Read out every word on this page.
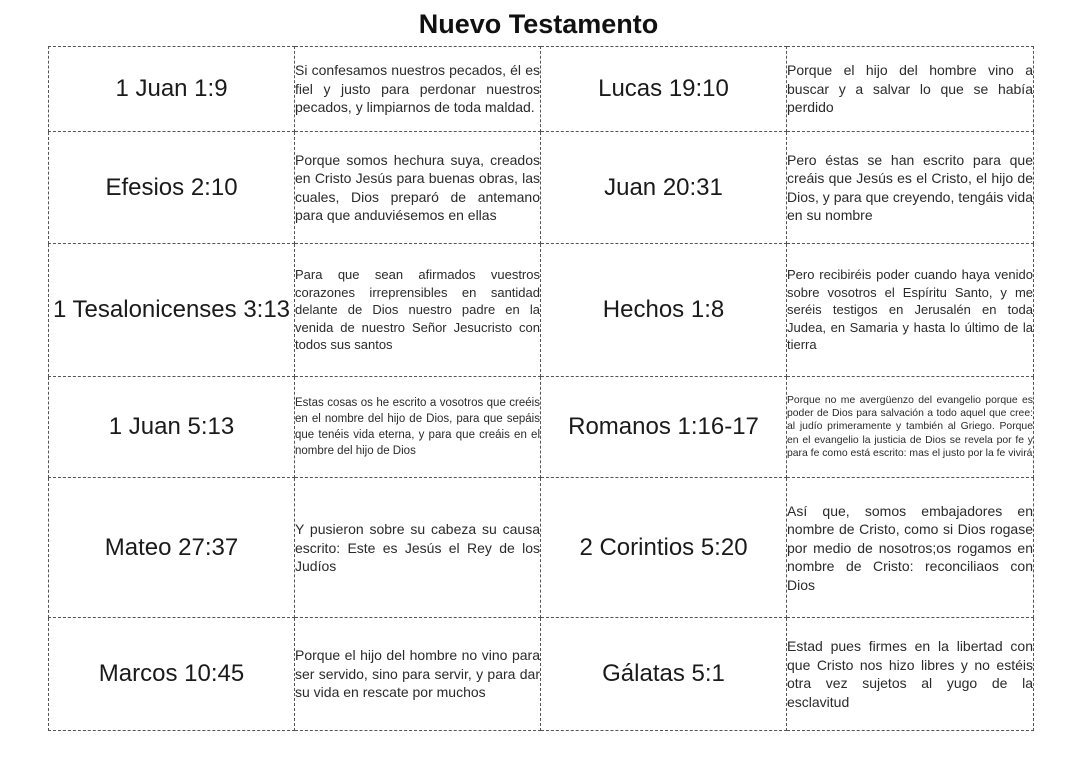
Nuevo Testamento
1 Juan 1:9	Si confesamos nuestros pecados, él es fiel y justo para perdonar nuestros pecados, y limpiarnos de toda maldad.	Lucas 19:10	Porque el hijo del hombre vino a buscar y a salvar lo que se había perdido
Efesios 2:10	Porque somos hechura suya, creados en Cristo Jesús para buenas obras, las cuales, Dios preparó de antemano para que anduviésemos en ellas	Juan 20:31	Pero éstas se han escrito para que creáis que Jesús es el Cristo, el hijo de Dios, y para que creyendo, tengáis vida en su nombre
1 Tesalonicenses 3:13	Para que sean afirmados vuestros corazones irreprensibles en santidad delante de Dios nuestro padre en la venida de nuestro Señor Jesucristo con todos sus santos	Hechos 1:8	Pero recibiréis poder cuando haya venido sobre vosotros el Espíritu Santo, y me seréis testigos en Jerusalén en toda Judea, en Samaria y hasta lo último de la tierra
1 Juan 5:13	Estas cosas os he escrito a vosotros que creéis en el nombre del hijo de Dios, para que sepáis que tenéis vida eterna, y para que creáis en el nombre del hijo de Dios	Romanos 1:16-17	Porque no me avergüenzo del evangelio porque es poder de Dios para salvación a todo aquel que cree: al judío primeramente y también al Griego. Porque en el evangelio la justicia de Dios se revela por fe y para fe como está escrito: mas el justo por la fe vivirá
Mateo 27:37	Y pusieron sobre su cabeza su causa escrito: Este es Jesús el Rey de los Judíos	2 Corintios 5:20	Así que, somos embajadores en nombre de Cristo, como si Dios rogase por medio de nosotros;os rogamos en nombre de Cristo: reconciliaos con Dios
Marcos 10:45	Porque el hijo del hombre no vino para ser servido, sino para servir, y para dar su vida en rescate por muchos	Gálatas 5:1	Estad pues firmes en la libertad con que Cristo nos hizo libres y no estéis otra vez sujetos al yugo de la esclavitud
